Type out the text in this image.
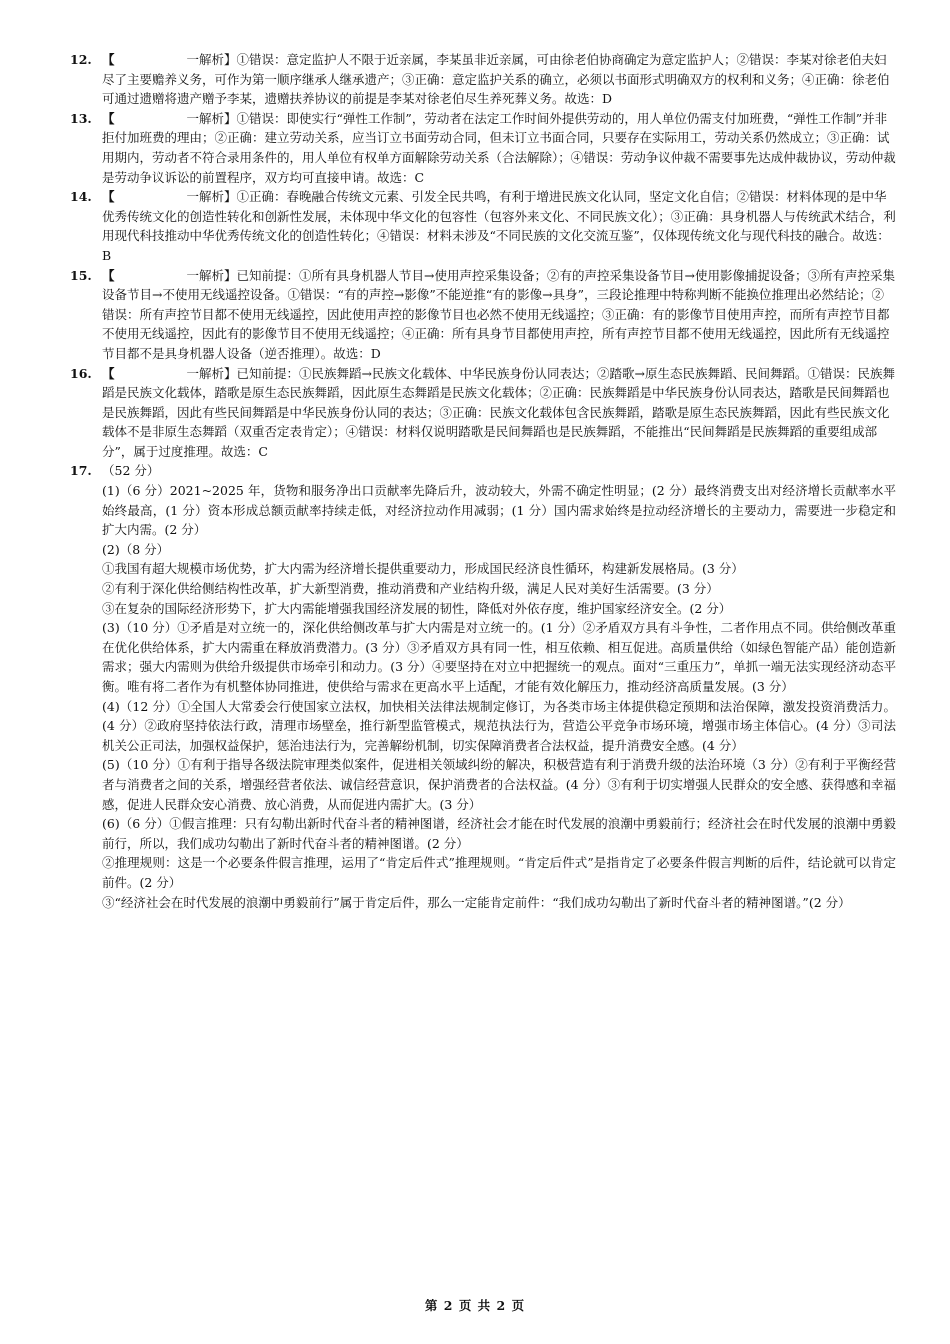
12. 【	一解析】①错误：意定监护人不限于近亲属，李某虽非近亲属，可由徐老伯协商确定为意定监护人；②错误：李某对徐老伯夫妇尽了主要赡养义务，可作为第一顺序继承人继承遗产；③正确：意定监护关系的确立，必须以书面形式明确双方的权利和义务；④正确：徐老伯可通过遗赠将遗产赠予李某，遗赠扶养协议的前提是李某对徐老伯尽生养死葬义务。故选：D
13. 【	一解析】①错误：即使实行“弹性工作制”，劳动者在法定工作时间外提供劳动的，用人单位仍需支付加班费，“弹性工作制”并非拒付加班费的理由；②正确：建立劳动关系，应当订立书面劳动合同，但未订立书面合同，只要存在实际用工，劳动关系仍然成立；③正确：试用期内，劳动者不符合录用条件的，用人单位有权单方面解除劳动关系（合法解除）；④错误：劳动争议仲裁不需要事先达成仲裁协议，劳动仲裁是劳动争议诉讼的前置程序，双方均可直接申请。故选：C
14. 【	一解析】①正确：春晚融合传统文元素、引发全民共鸣，有利于增进民族文化认同，坚定文化自信；②错误：材料体现的是中华优秀传统文化的创造性转化和创新性发展，未体现中华文化的包容性（包容外来文化、不同民族文化）；③正确：具身机器人与传统武术结合，利用现代科技推动中华优秀传统文化的创造性转化；④错误：材料未涉及“不同民族的文化交流互鉴”，仅体现传统文化与现代科技的融合。故选：B
15. 【	一解析】已知前提：①所有具身机器人节目→使用声控采集设备；②有的声控采集设备节目→使用影像捕捉设备；③所有声控采集设备节目→不使用无线遥控设备。①错误：“有的声控→影像”不能逆推“有的影像→具身”，三段论推理中特称判断不能换位推理出必然结论；②错误：所有声控节目都不使用无线遥控，因此使用声控的影像节目也必然不使用无线遥控；③正确：有的影像节目使用声控，而所有声控节目都不使用无线遥控，因此有的影像节目不使用无线遥控；④正确：所有具身节目都使用声控，所有声控节目都不使用无线遥控，因此所有无线遥控节目都不是具身机器人设备（逆否推理）。故选：D
16. 【	一解析】已知前提：①民族舞蹈→民族文化载体、中华民族身份认同表达；②踏歌→原生态民族舞蹈、民间舞蹈。①错误：民族舞蹈是民族文化载体，踏歌是原生态民族舞蹈，因此原生态舞蹈是民族文化载体；②正确：民族舞蹈是中华民族身份认同表达，踏歌是民间舞蹈也是民族舞蹈，因此有些民间舞蹈是中华民族身份认同的表达；③正确：民族文化载体包含民族舞蹈，踏歌是原生态民族舞蹈，因此有些民族文化载体不是非原生态舞蹈（双重否定表肯定）；④错误：材料仅说明踏歌是民间舞蹈也是民族舞蹈，不能推出“民间舞蹈是民族舞蹈的重要组成部分”，属于过度推理。故选：C
17. （52 分）

(1)（6 分）2021~2025 年，货物和服务净出口贡献率先降后升，波动较大，外需不确定性明显；(2 分）最终消费支出对经济增长贡献率水平始终最高，(1 分）资本形成总额贡献率持续走低，对经济拉动作用减弱；(1 分）国内需求始终是拉动经济增长的主要动力，需要进一步稳定和扩大内需。(2 分）

(2)（8 分）

①我国有超大规模市场优势，扩大内需为经济增长提供重要动力，形成国民经济良性循环，构建新发展格局。(3 分）

②有利于深化供给侧结构性改革，扩大新型消费，推动消费和产业结构升级，满足人民对美好生活需要。(3 分）

③在复杂的国际经济形势下，扩大内需能增强我国经济发展的韧性，降低对外依存度，维护国家经济安全。(2 分）

(3)（10 分）①矛盾是对立统一的，深化供给侧改革与扩大内需是对立统一的。(1 分）②矛盾双方具有斗争性，二者作用点不同。供给侧改革重在优化供给体系，扩大内需重在释放消费潜力。(3 分）③矛盾双方具有同一性，相互依赖、相互促进。高质量供给（如绿色智能产品）能创造新需求；强大内需则为供给升级提供市场牵引和动力。(3 分）④要坚持在对立中把握统一的观点。面对“三重压力”，单抓一端无法实现经济动态平衡。唯有将二者作为有机整体协同推进，使供给与需求在更高水平上适配，才能有效化解压力，推动经济高质量发展。(3 分）

(4)（12 分）①全国人大常委会行使国家立法权，加快相关法律法规制定修订，为各类市场主体提供稳定预期和法治保障，激发投资消费活力。(4 分）②政府坚持依法行政，清理市场壁垒，推行新型监管模式，规范执法行为，营造公平竞争市场环境，增强市场主体信心。(4 分）③司法机关公正司法，加强权益保护，惩治违法行为，完善解纷机制，切实保障消费者合法权益，提升消费安全感。(4 分）

(5)（10 分）①有利于指导各级法院审理类似案件，促进相关领域纠纷的解决，积极营造有利于消费升级的法治环境（3 分）②有利于平衡经营者与消费者之间的关系，增强经营者依法、诚信经营意识，保护消费者的合法权益。(4 分）③有利于切实增强人民群众的安全感、获得感和幸福感，促进人民群众安心消费、放心消费，从而促进内需扩大。(3 分）

(6)（6 分）①假言推理：只有勾勒出新时代奋斗者的精神图谱，经济社会才能在时代发展的浪潮中勇毅前行；经济社会在时代发展的浪潮中勇毅前行，所以，我们成功勾勒出了新时代奋斗者的精神图谱。(2 分）

②推理规则：这是一个必要条件假言推理，运用了“肯定后件式”推理规则。“肯定后件式”是指肯定了必要条件假言判断的后件，结论就可以肯定前件。(2 分）

③“经济社会在时代发展的浪潮中勇毅前行”属于肯定后件，那么一定能肯定前件：“我们成功勾勒出了新时代奋斗者的精神图谱。”(2 分）

第 2 页 共 2 页
